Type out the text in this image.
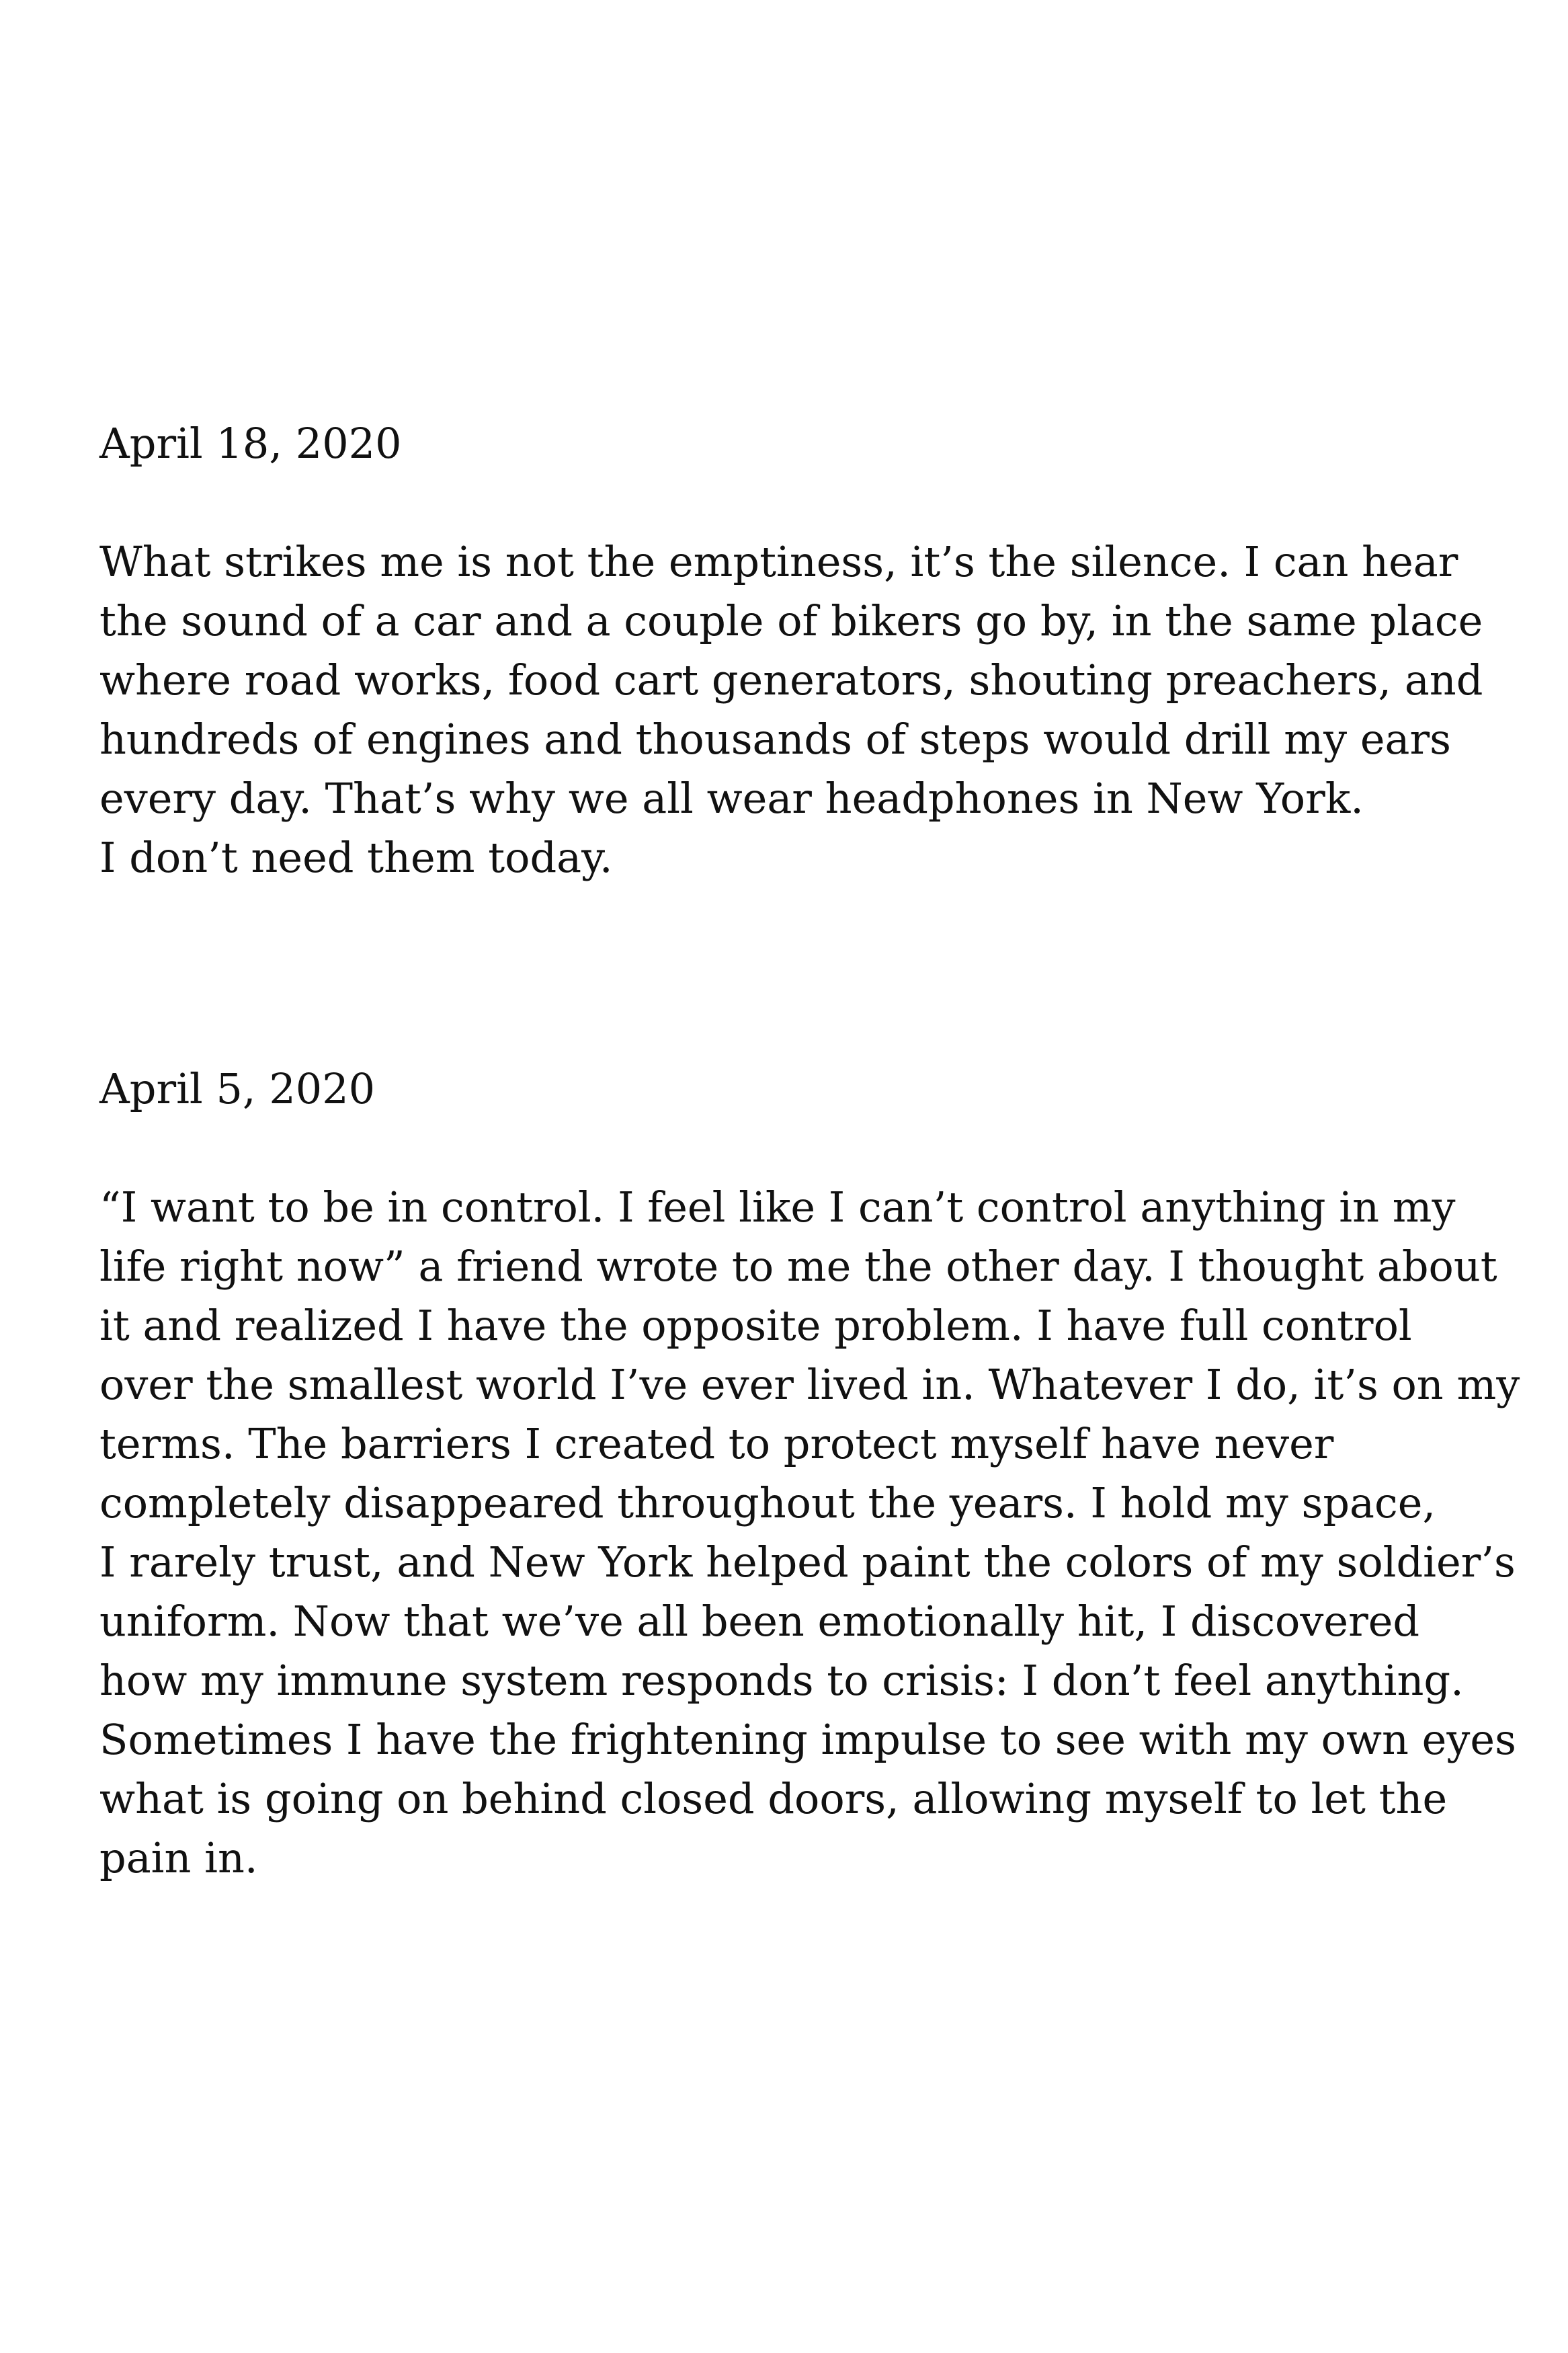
April 18, 2020
What strikes me is not the emptiness, it’s the silence. I can hear
the sound of a car and a couple of bikers go by, in the same place
where road works, food cart generators, shouting preachers, and
hundreds of engines and thousands of steps would drill my ears
every day. That’s why we all wear headphones in New York.
I don’t need them today.
April 5, 2020
“I want to be in control. I feel like I can’t control anything in my
life right now” a friend wrote to me the other day. I thought about
it and realized I have the opposite problem. I have full control
over the smallest world I’ve ever lived in. Whatever I do, it’s on my
terms. The barriers I created to protect myself have never
completely disappeared throughout the years. I hold my space,
I rarely trust, and New York helped paint the colors of my soldier’s
uniform. Now that we’ve all been emotionally hit, I discovered
how my immune system responds to crisis: I don’t feel anything.
Sometimes I have the frightening impulse to see with my own eyes
what is going on behind closed doors, allowing myself to let the
pain in.
